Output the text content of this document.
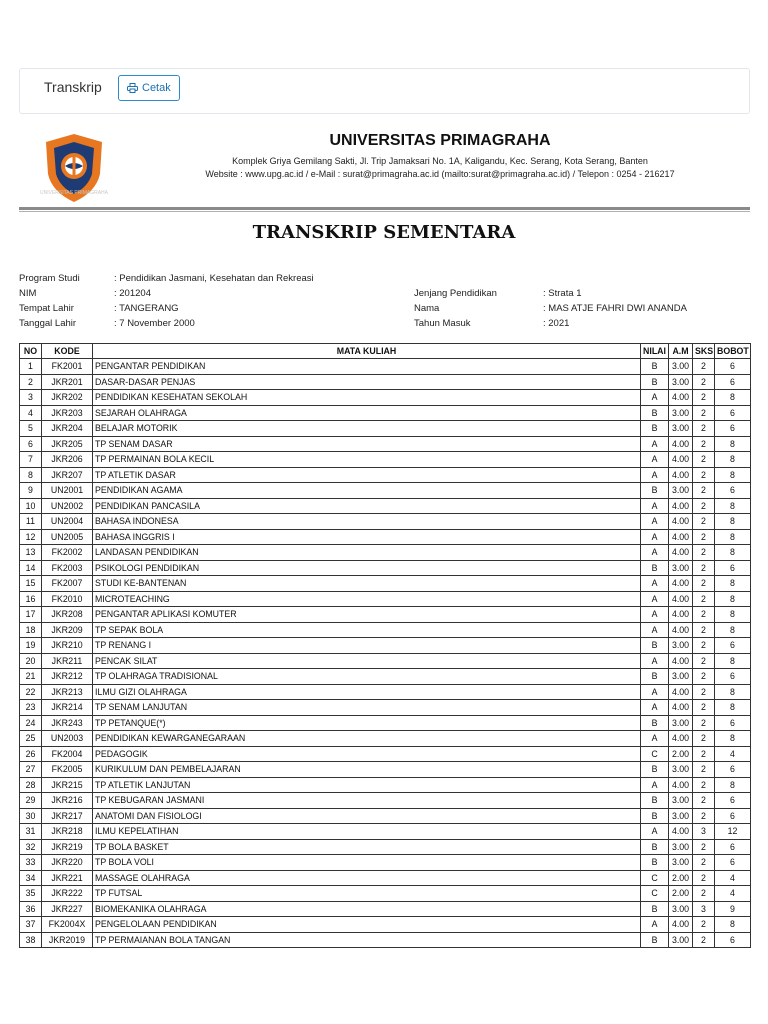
Transkrip	Cetak
UNIVERSITAS PRIMAGRAHA
UNIVERSITAS PRIMAGRAHA
Komplek Griya Gemilang Sakti, Jl. Trip Jamaksari No. 1A, Kaligandu, Kec. Serang, Kota Serang, Banten
Website : www.upg.ac.id / e-Mail : surat@primagraha.ac.id (mailto:surat@primagraha.ac.id) / Telepon : 0254 - 216217
TRANSKRIP SEMENTARA
Program Studi	: Pendidikan Jasmani, Kesehatan dan Rekreasi
NIM	: 201204
Tempat Lahir	: TANGERANG
Tanggal Lahir	: 7 November 2000
Jenjang Pendidikan	: Strata 1
Nama	: MAS ATJE FAHRI DWI ANANDA
Tahun Masuk	: 2021
NO	KODE	MATA KULIAH	NILAI	A.M	SKS	BOBOT
1	FK2001	PENGANTAR PENDIDIKAN	B	3.00	2	6
2	JKR201	DASAR-DASAR PENJAS	B	3.00	2	6
3	JKR202	PENDIDIKAN KESEHATAN SEKOLAH	A	4.00	2	8
4	JKR203	SEJARAH OLAHRAGA	B	3.00	2	6
5	JKR204	BELAJAR MOTORIK	B	3.00	2	6
6	JKR205	TP SENAM DASAR	A	4.00	2	8
7	JKR206	TP PERMAINAN BOLA KECIL	A	4.00	2	8
8	JKR207	TP ATLETIK DASAR	A	4.00	2	8
9	UN2001	PENDIDIKAN AGAMA	B	3.00	2	6
10	UN2002	PENDIDIKAN PANCASILA	A	4.00	2	8
11	UN2004	BAHASA INDONESA	A	4.00	2	8
12	UN2005	BAHASA INGGRIS I	A	4.00	2	8
13	FK2002	LANDASAN PENDIDIKAN	A	4.00	2	8
14	FK2003	PSIKOLOGI PENDIDIKAN	B	3.00	2	6
15	FK2007	STUDI KE-BANTENAN	A	4.00	2	8
16	FK2010	MICROTEACHING	A	4.00	2	8
17	JKR208	PENGANTAR APLIKASI KOMUTER	A	4.00	2	8
18	JKR209	TP SEPAK BOLA	A	4.00	2	8
19	JKR210	TP RENANG I	B	3.00	2	6
20	JKR211	PENCAK SILAT	A	4.00	2	8
21	JKR212	TP OLAHRAGA TRADISIONAL	B	3.00	2	6
22	JKR213	ILMU GIZI OLAHRAGA	A	4.00	2	8
23	JKR214	TP SENAM LANJUTAN	A	4.00	2	8
24	JKR243	TP PETANQUE(*)	B	3.00	2	6
25	UN2003	PENDIDIKAN KEWARGANEGARAAN	A	4.00	2	8
26	FK2004	PEDAGOGIK	C	2.00	2	4
27	FK2005	KURIKULUM DAN PEMBELAJARAN	B	3.00	2	6
28	JKR215	TP ATLETIK LANJUTAN	A	4.00	2	8
29	JKR216	TP KEBUGARAN JASMANI	B	3.00	2	6
30	JKR217	ANATOMI DAN FISIOLOGI	B	3.00	2	6
31	JKR218	ILMU KEPELATIHAN	A	4.00	3	12
32	JKR219	TP BOLA BASKET	B	3.00	2	6
33	JKR220	TP BOLA VOLI	B	3.00	2	6
34	JKR221	MASSAGE OLAHRAGA	C	2.00	2	4
35	JKR222	TP FUTSAL	C	2.00	2	4
36	JKR227	BIOMEKANIKA OLAHRAGA	B	3.00	3	9
37	FK2004X	PENGELOLAAN PENDIDIKAN	A	4.00	2	8
38	JKR2019	TP PERMAIANAN BOLA TANGAN	B	3.00	2	6
